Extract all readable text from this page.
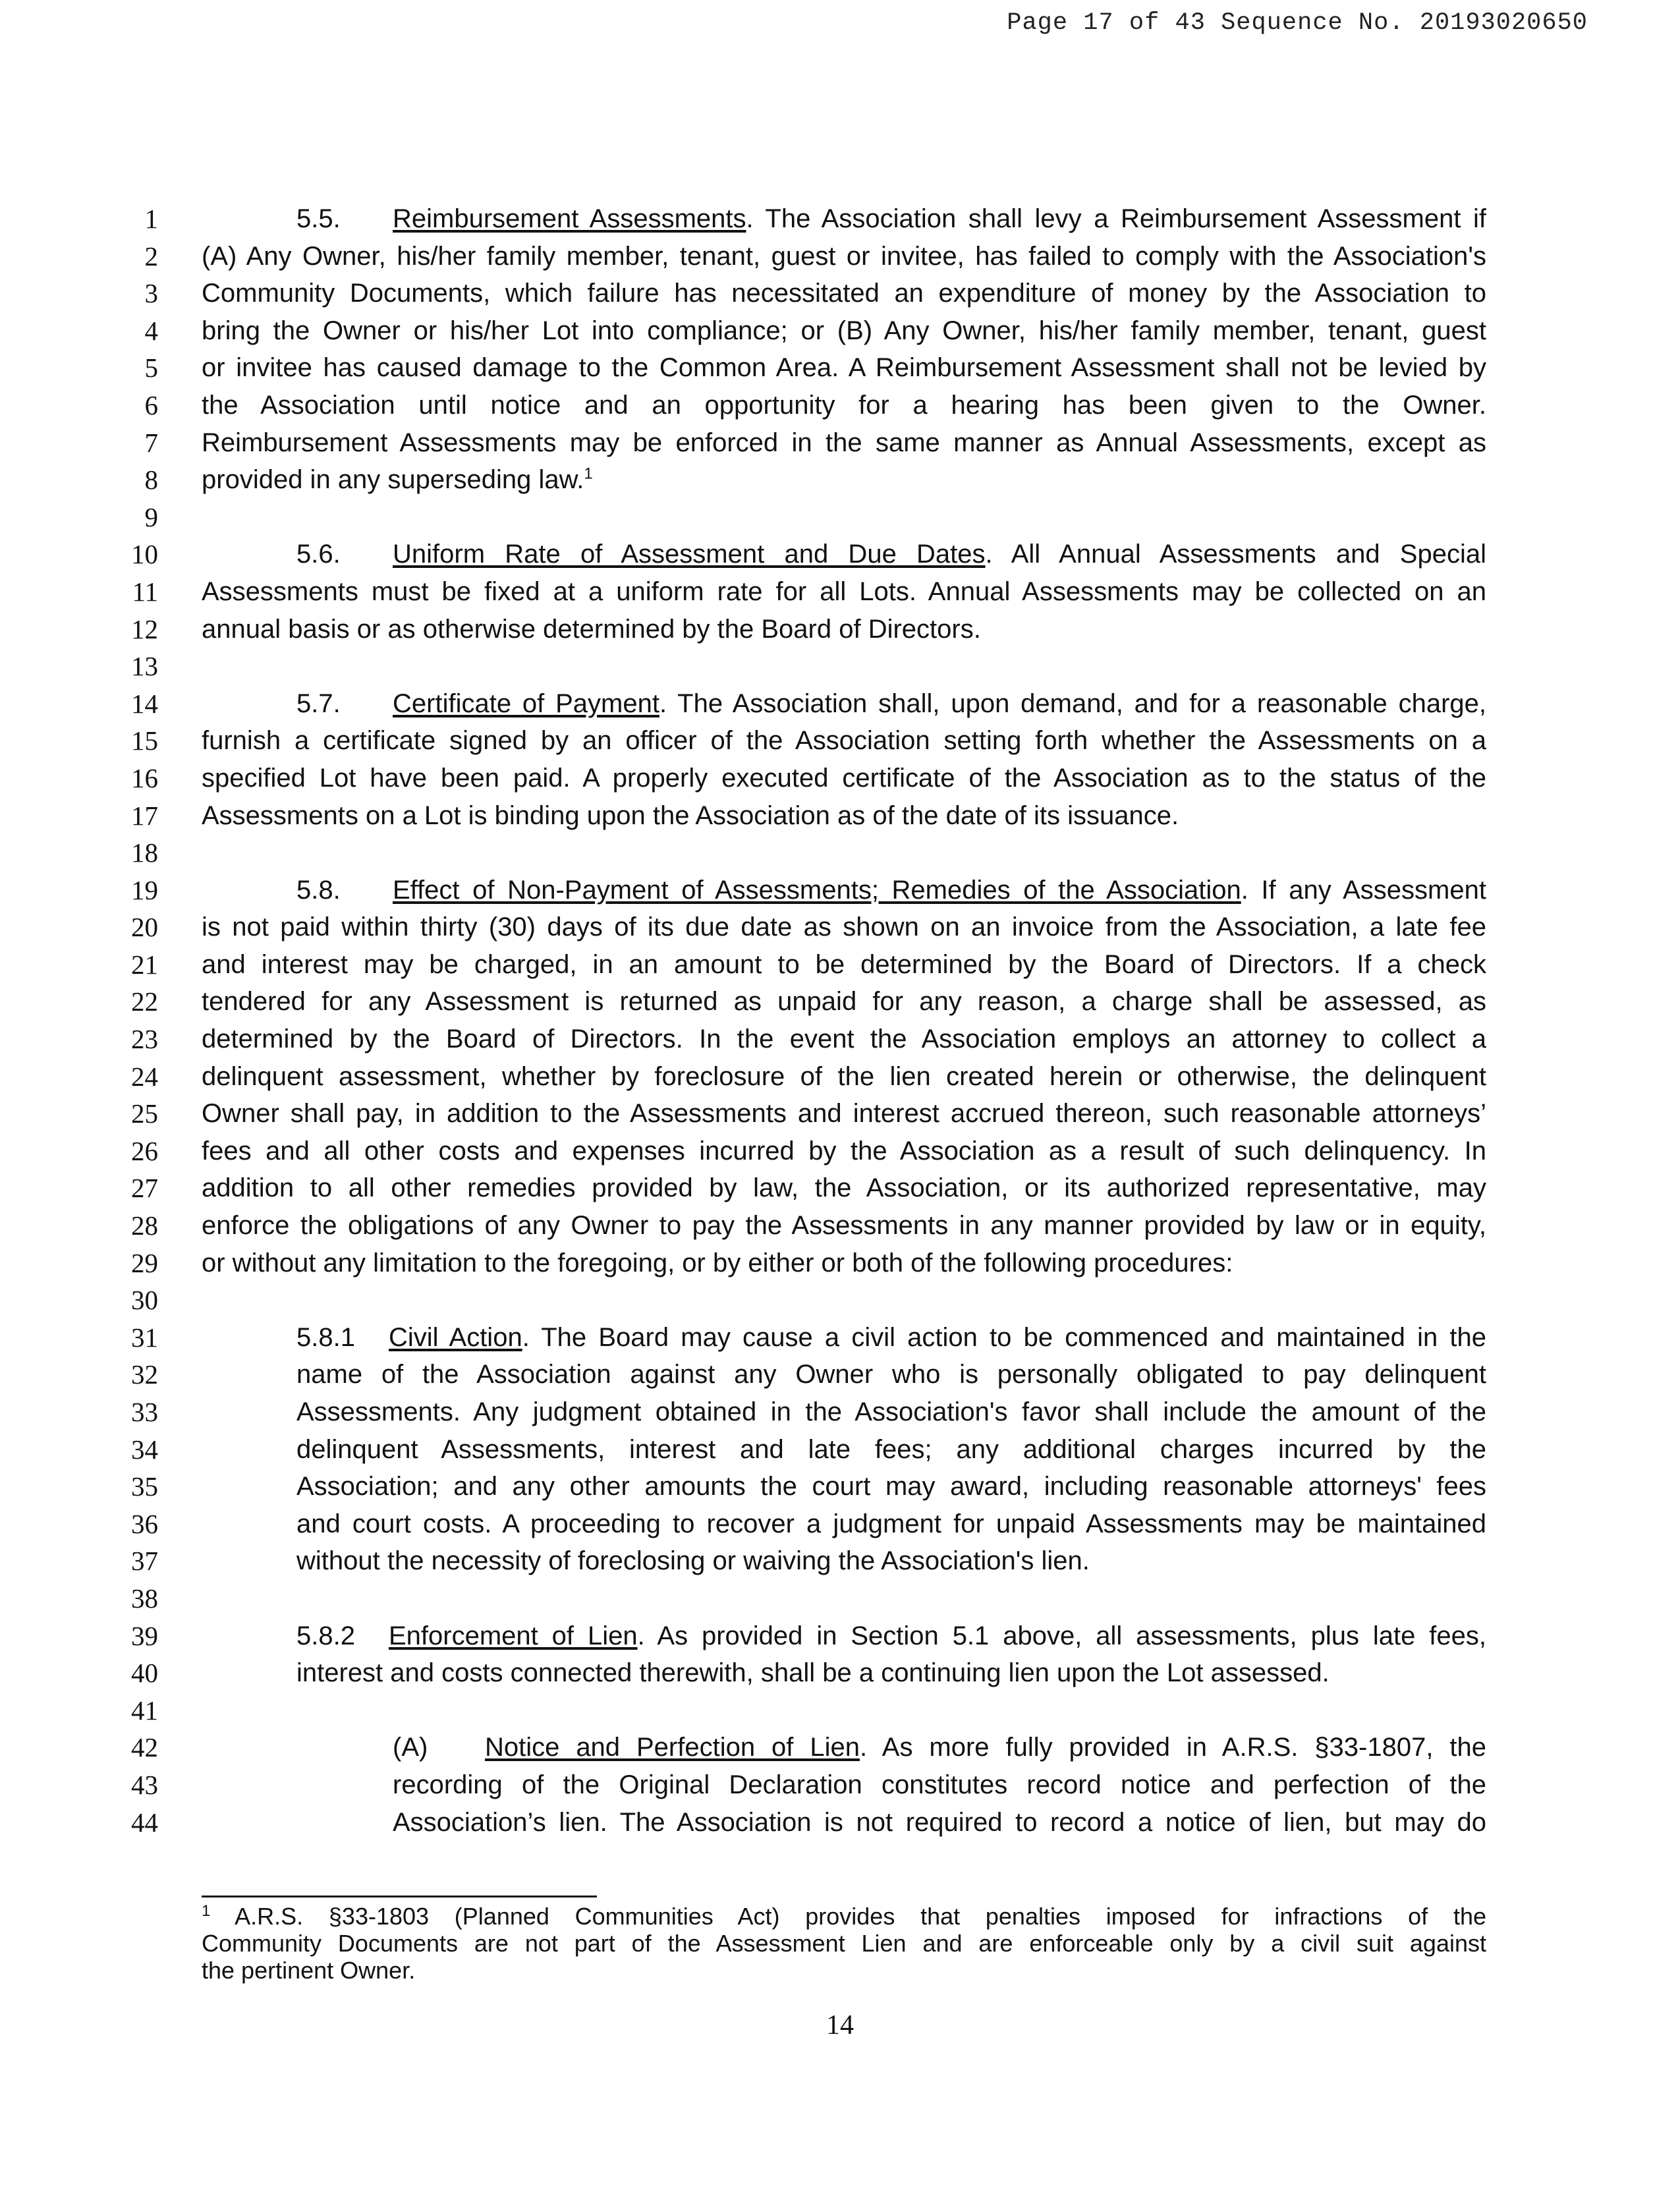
Page 17 of 43 Sequence No. 20193020650
1
2
3
4
5
6
7
8
9
10
11
12
13
14
15
16
17
18
19
20
21
22
23
24
25
26
27
28
29
30
31
32
33
34
35
36
37
38
39
40
41
42
43
44
5.5. Reimbursement Assessments. The Association shall levy a Reimbursement Assessment if
(A) Any Owner, his/her family member, tenant, guest or invitee, has failed to comply with the Association's
Community Documents, which failure has necessitated an expenditure of money by the Association to
bring the Owner or his/her Lot into compliance; or (B) Any Owner, his/her family member, tenant, guest
or invitee has caused damage to the Common Area. A Reimbursement Assessment shall not be levied by
the Association until notice and an opportunity for a hearing has been given to the Owner.
Reimbursement Assessments may be enforced in the same manner as Annual Assessments, except as
provided in any superseding law.$^1$
5.6. Uniform Rate of Assessment and Due Dates. All Annual Assessments and Special
Assessments must be fixed at a uniform rate for all Lots. Annual Assessments may be collected on an
annual basis or as otherwise determined by the Board of Directors.
5.7. Certificate of Payment. The Association shall, upon demand, and for a reasonable charge,
furnish a certificate signed by an officer of the Association setting forth whether the Assessments on a
specified Lot have been paid. A properly executed certificate of the Association as to the status of the
Assessments on a Lot is binding upon the Association as of the date of its issuance.
5.8. Effect of Non-Payment of Assessments; Remedies of the Association. If any Assessment
is not paid within thirty (30) days of its due date as shown on an invoice from the Association, a late fee
and interest may be charged, in an amount to be determined by the Board of Directors. If a check
tendered for any Assessment is returned as unpaid for any reason, a charge shall be assessed, as
determined by the Board of Directors. In the event the Association employs an attorney to collect a
delinquent assessment, whether by foreclosure of the lien created herein or otherwise, the delinquent
Owner shall pay, in addition to the Assessments and interest accrued thereon, such reasonable attorneys’
fees and all other costs and expenses incurred by the Association as a result of such delinquency. In
addition to all other remedies provided by law, the Association, or its authorized representative, may
enforce the obligations of any Owner to pay the Assessments in any manner provided by law or in equity,
or without any limitation to the foregoing, or by either or both of the following procedures:
5.8.1 Civil Action. The Board may cause a civil action to be commenced and maintained in the
name of the Association against any Owner who is personally obligated to pay delinquent
Assessments. Any judgment obtained in the Association's favor shall include the amount of the
delinquent Assessments, interest and late fees; any additional charges incurred by the
Association; and any other amounts the court may award, including reasonable attorneys' fees
and court costs. A proceeding to recover a judgment for unpaid Assessments may be maintained
without the necessity of foreclosing or waiving the Association's lien.
5.8.2 Enforcement of Lien. As provided in Section 5.1 above, all assessments, plus late fees,
interest and costs connected therewith, shall be a continuing lien upon the Lot assessed.
(A) Notice and Perfection of Lien. As more fully provided in A.R.S. §33-1807, the
recording of the Original Declaration constitutes record notice and perfection of the
Association’s lien. The Association is not required to record a notice of lien, but may do
$^1$ A.R.S. §33-1803 (Planned Communities Act) provides that penalties imposed for infractions of the
Community Documents are not part of the Assessment Lien and are enforceable only by a civil suit against
the pertinent Owner.
14
